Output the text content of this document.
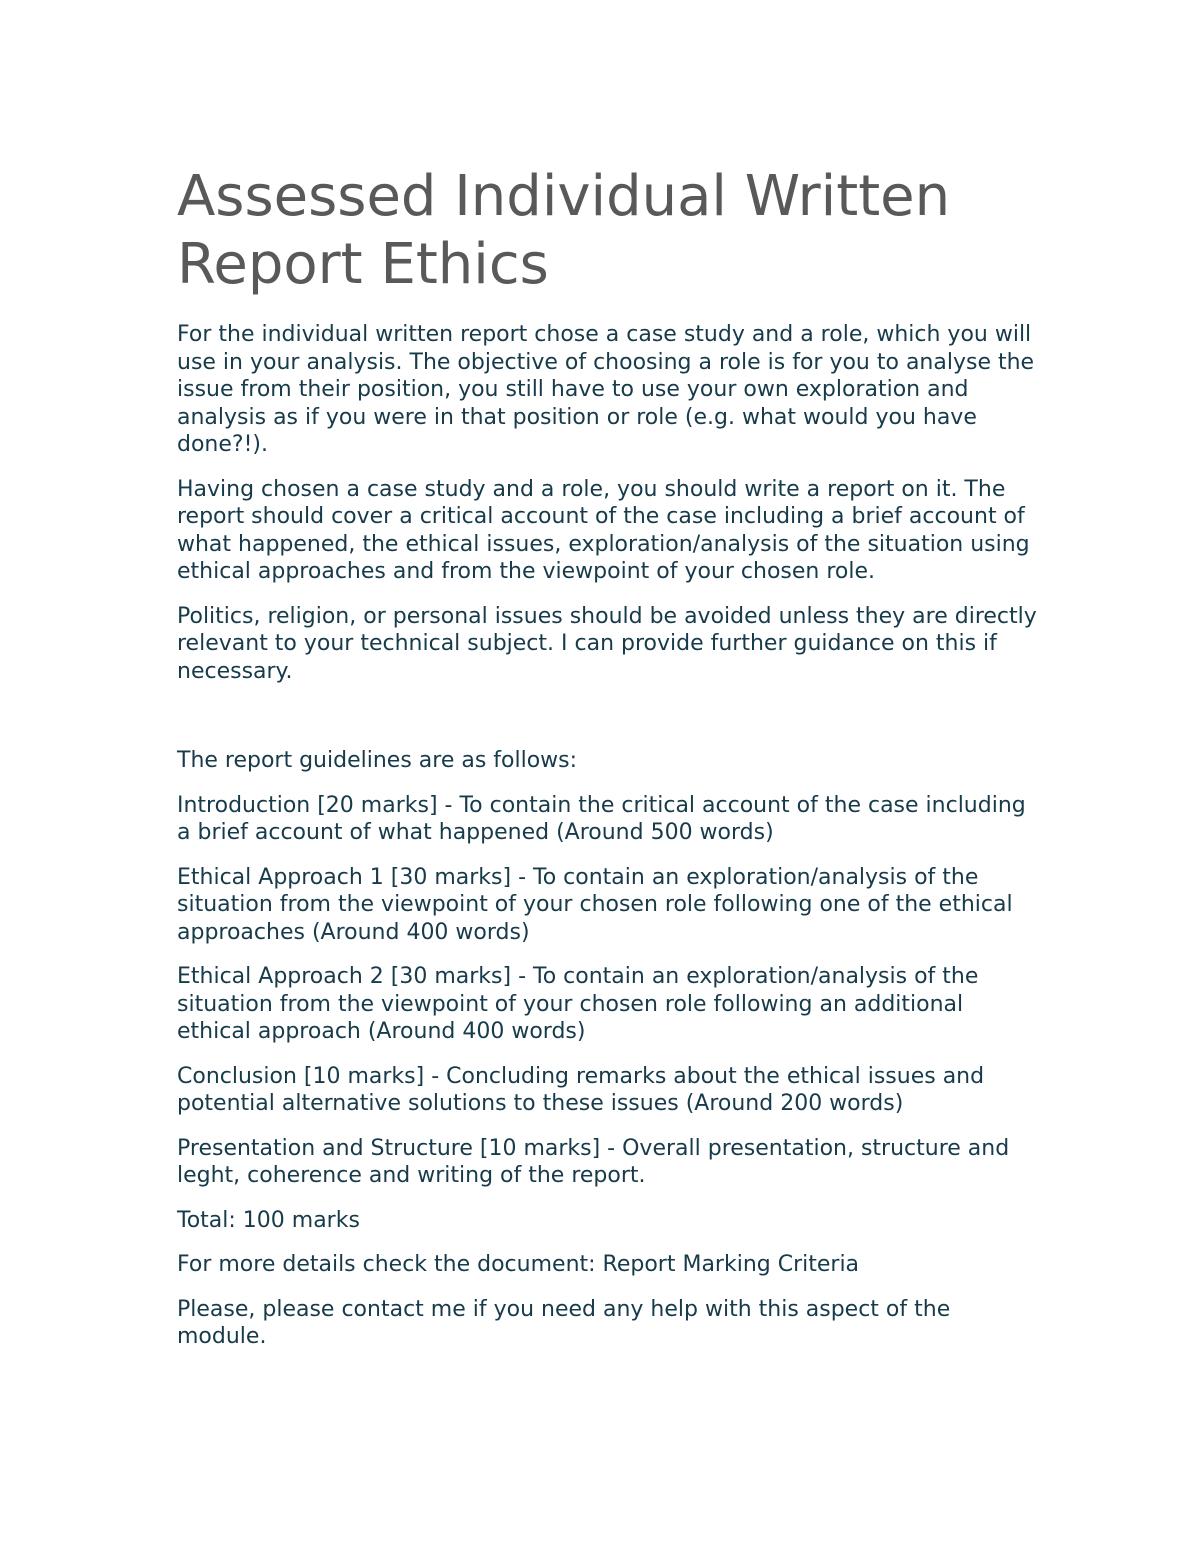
Assessed Individual Written Report Ethics

For the individual written report chose a case study and a role, which you will use in your analysis. The objective of choosing a role is for you to analyse the issue from their position, you still have to use your own exploration and analysis as if you were in that position or role (e.g. what would you have done?!).

Having chosen a case study and a role, you should write a report on it. The report should cover a critical account of the case including a brief account of what happened, the ethical issues, exploration/analysis of the situation using ethical approaches and from the viewpoint of your chosen role.

Politics, religion, or personal issues should be avoided unless they are directly relevant to your technical subject. I can provide further guidance on this if necessary.

The report guidelines are as follows:

Introduction [20 marks] - To contain the critical account of the case including a brief account of what happened (Around 500 words)

Ethical Approach 1 [30 marks] - To contain an exploration/analysis of the situation from the viewpoint of your chosen role following one of the ethical approaches (Around 400 words)

Ethical Approach 2 [30 marks] - To contain an exploration/analysis of the situation from the viewpoint of your chosen role following an additional ethical approach (Around 400 words)

Conclusion [10 marks] - Concluding remarks about the ethical issues and potential alternative solutions to these issues (Around 200 words)

Presentation and Structure [10 marks] - Overall presentation, structure and leght, coherence and writing of the report.

Total: 100 marks

For more details check the document: Report Marking Criteria

Please, please contact me if you need any help with this aspect of the module.
